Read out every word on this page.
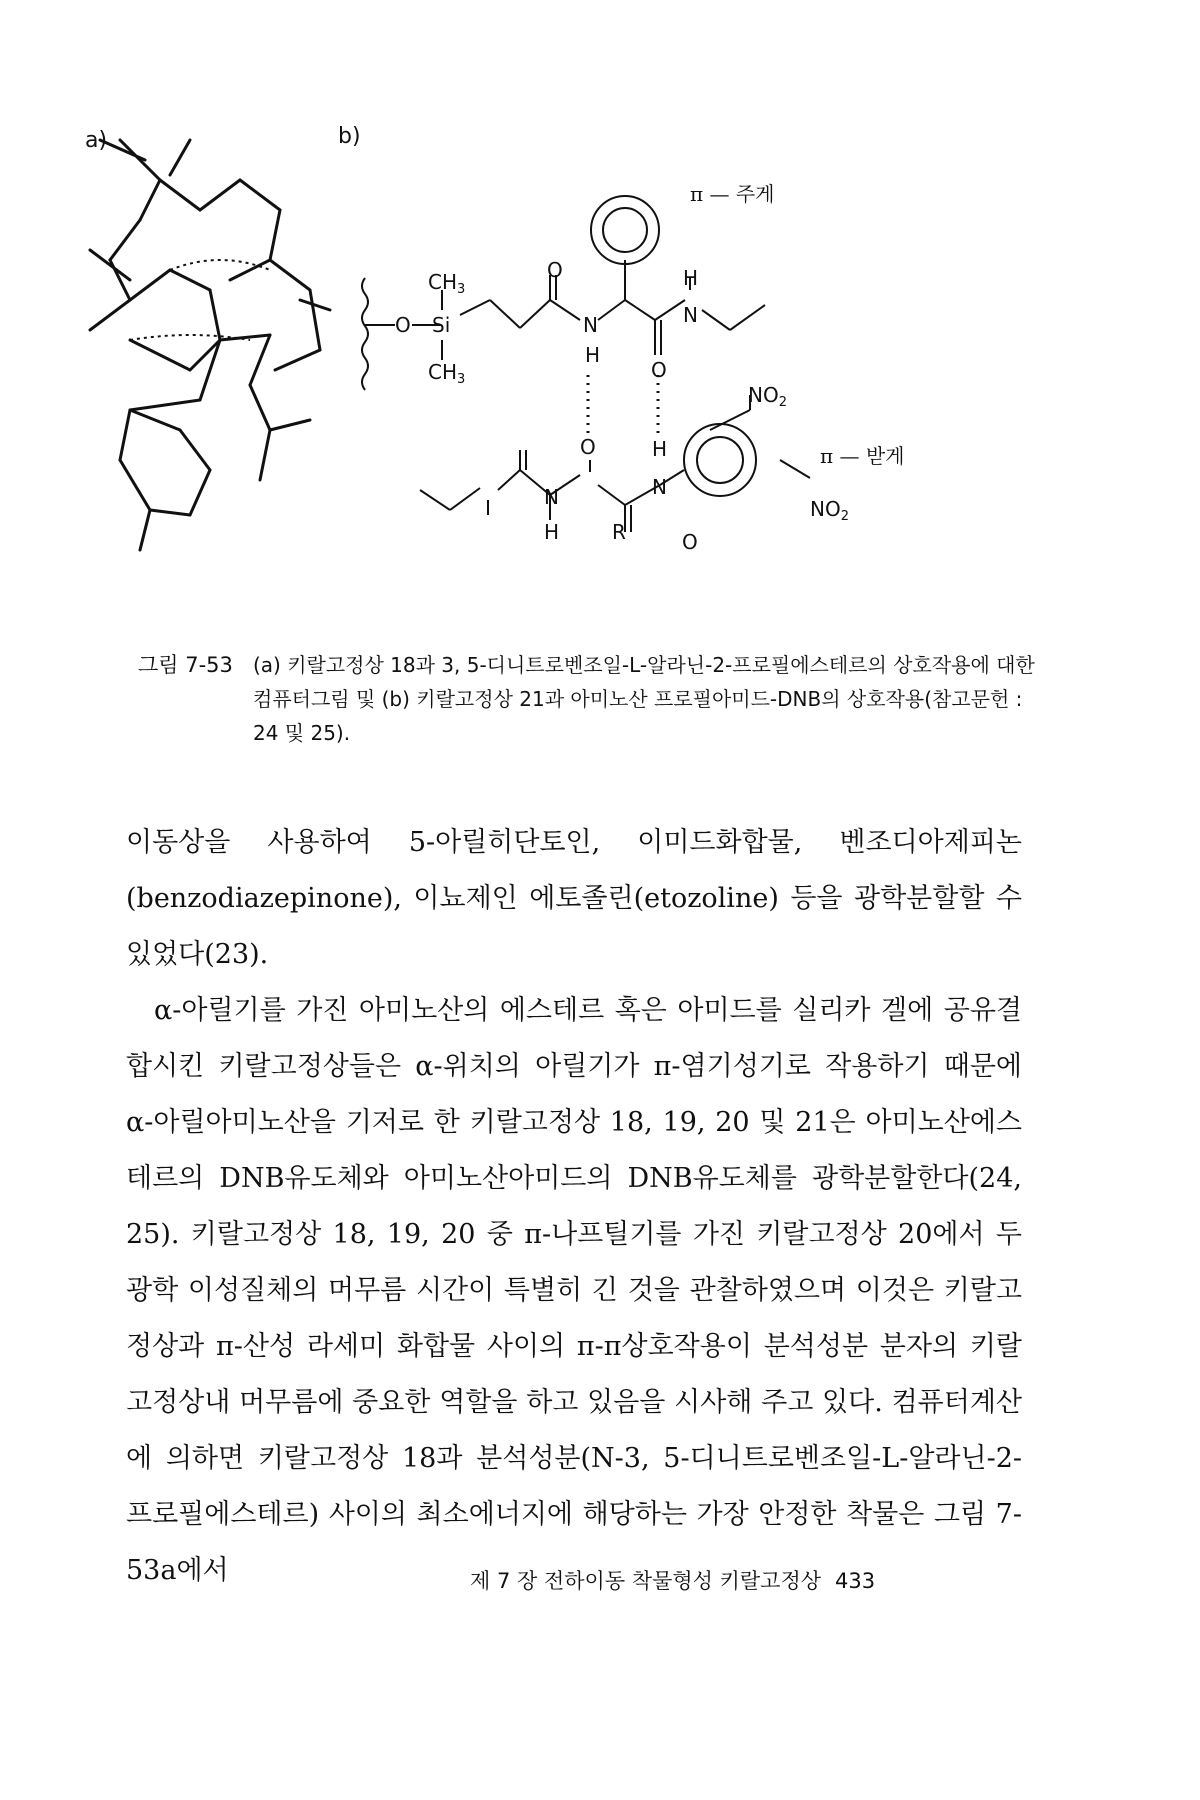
a)	b)
π — 주게
π — 받게
$CH_3$
Si
$CH_3$
O
O
N
H
H
N
O
$NO_2$
$NO_2$
O	H
N
H
N
R	O
그림 7-53 (a) 키랄고정상 18과 3, 5-디니트로벤조일-L-알라닌-2-프로필에스테르의 상호작용에 대한 컴퓨터그림 및 (b) 키랄고정상 21과 아미노산 프로필아미드-DNB의 상호작용(참고문헌 : 24 및 25).

이동상을 사용하여 5-아릴히단토인, 이미드화합물, 벤조디아제피논(benzodiazepinone), 이뇨제인 에토졸린(etozoline) 등을 광학분할할 수 있었다(23).

α-아릴기를 가진 아미노산의 에스테르 혹은 아미드를 실리카 겔에 공유결합시킨 키랄고정상들은 α-위치의 아릴기가 π-염기성기로 작용하기 때문에 α-아릴아미노산을 기저로 한 키랄고정상 18, 19, 20 및 21은 아미노산에스테르의 DNB유도체와 아미노산아미드의 DNB유도체를 광학분할한다(24, 25). 키랄고정상 18, 19, 20 중 π-나프틸기를 가진 키랄고정상 20에서 두 광학 이성질체의 머무름 시간이 특별히 긴 것을 관찰하였으며 이것은 키랄고정상과 π-산성 라세미 화합물 사이의 π-π상호작용이 분석성분 분자의 키랄고정상내 머무름에 중요한 역할을 하고 있음을 시사해 주고 있다. 컴퓨터계산에 의하면 키랄고정상 18과 분석성분(N-3, 5-디니트로벤조일-L-알라닌-2-프로필에스테르) 사이의 최소에너지에 해당하는 가장 안정한 착물은 그림 7-53a에서	제 7 장 전하이동 착물형성 키랄고정상 433
